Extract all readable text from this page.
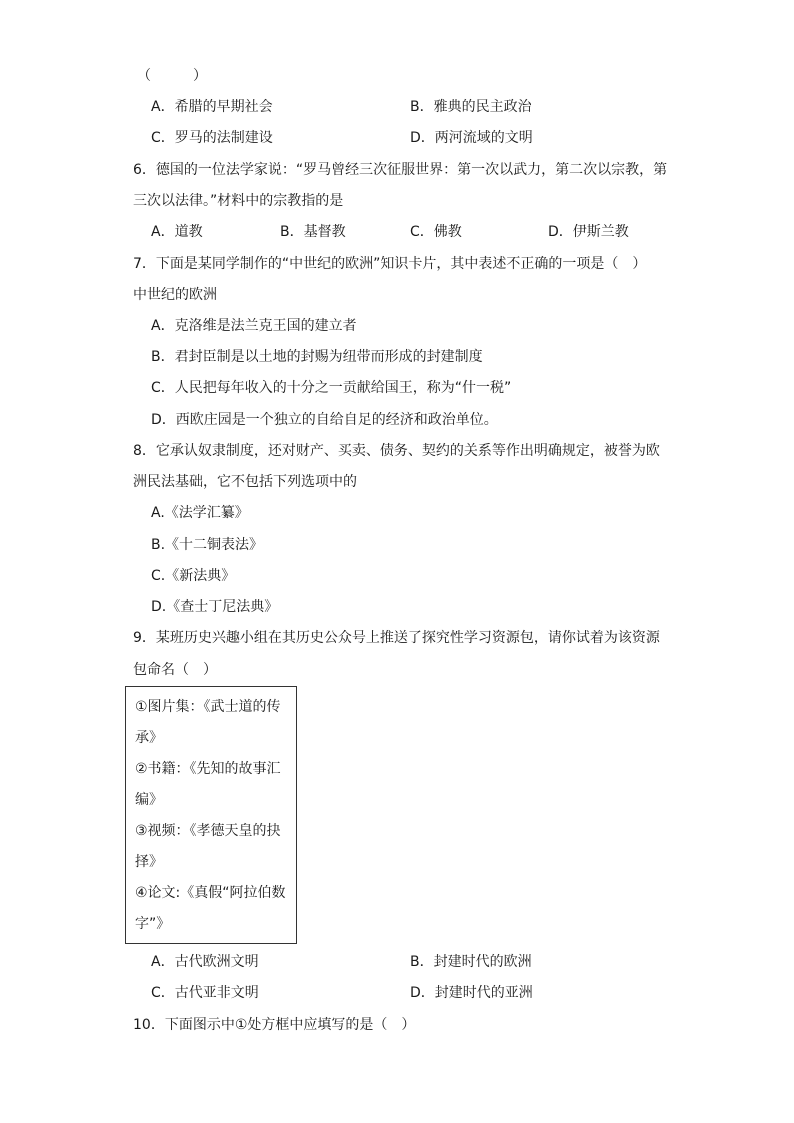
（　　　）
A．希腊的早期社会	B．雅典的民主政治
C．罗马的法制建设	D．两河流域的文明
6．德国的一位法学家说：“罗马曾经三次征服世界：第一次以武力，第二次以宗教，第
三次以法律。”材料中的宗教指的是
A．道教	B．基督教	C．佛教	D．伊斯兰教
7．下面是某同学制作的“中世纪的欧洲”知识卡片，其中表述不正确的一项是（　）
中世纪的欧洲
A．克洛维是法兰克王国的建立者
B．君封臣制是以土地的封赐为纽带而形成的封建制度
C．人民把每年收入的十分之一贡献给国王，称为“什一税”
D．西欧庄园是一个独立的自给自足的经济和政治单位。
8．它承认奴隶制度，还对财产、买卖、债务、契约的关系等作出明确规定，被誉为欧
洲民法基础，它不包括下列选项中的
A.《法学汇纂》
B.《十二铜表法》
C.《新法典》
D.《查士丁尼法典》
9．某班历史兴趣小组在其历史公众号上推送了探究性学习资源包，请你试着为该资源
包命名（　）
①图片集：《武士道的传
承》
②书籍：《先知的故事汇
编》
③视频：《孝德天皇的抉
择》
④论文:《真假“阿拉伯数
字”》
A．古代欧洲文明	B．封建时代的欧洲
C．古代亚非文明	D．封建时代的亚洲
10．下面图示中①处方框中应填写的是（　）
